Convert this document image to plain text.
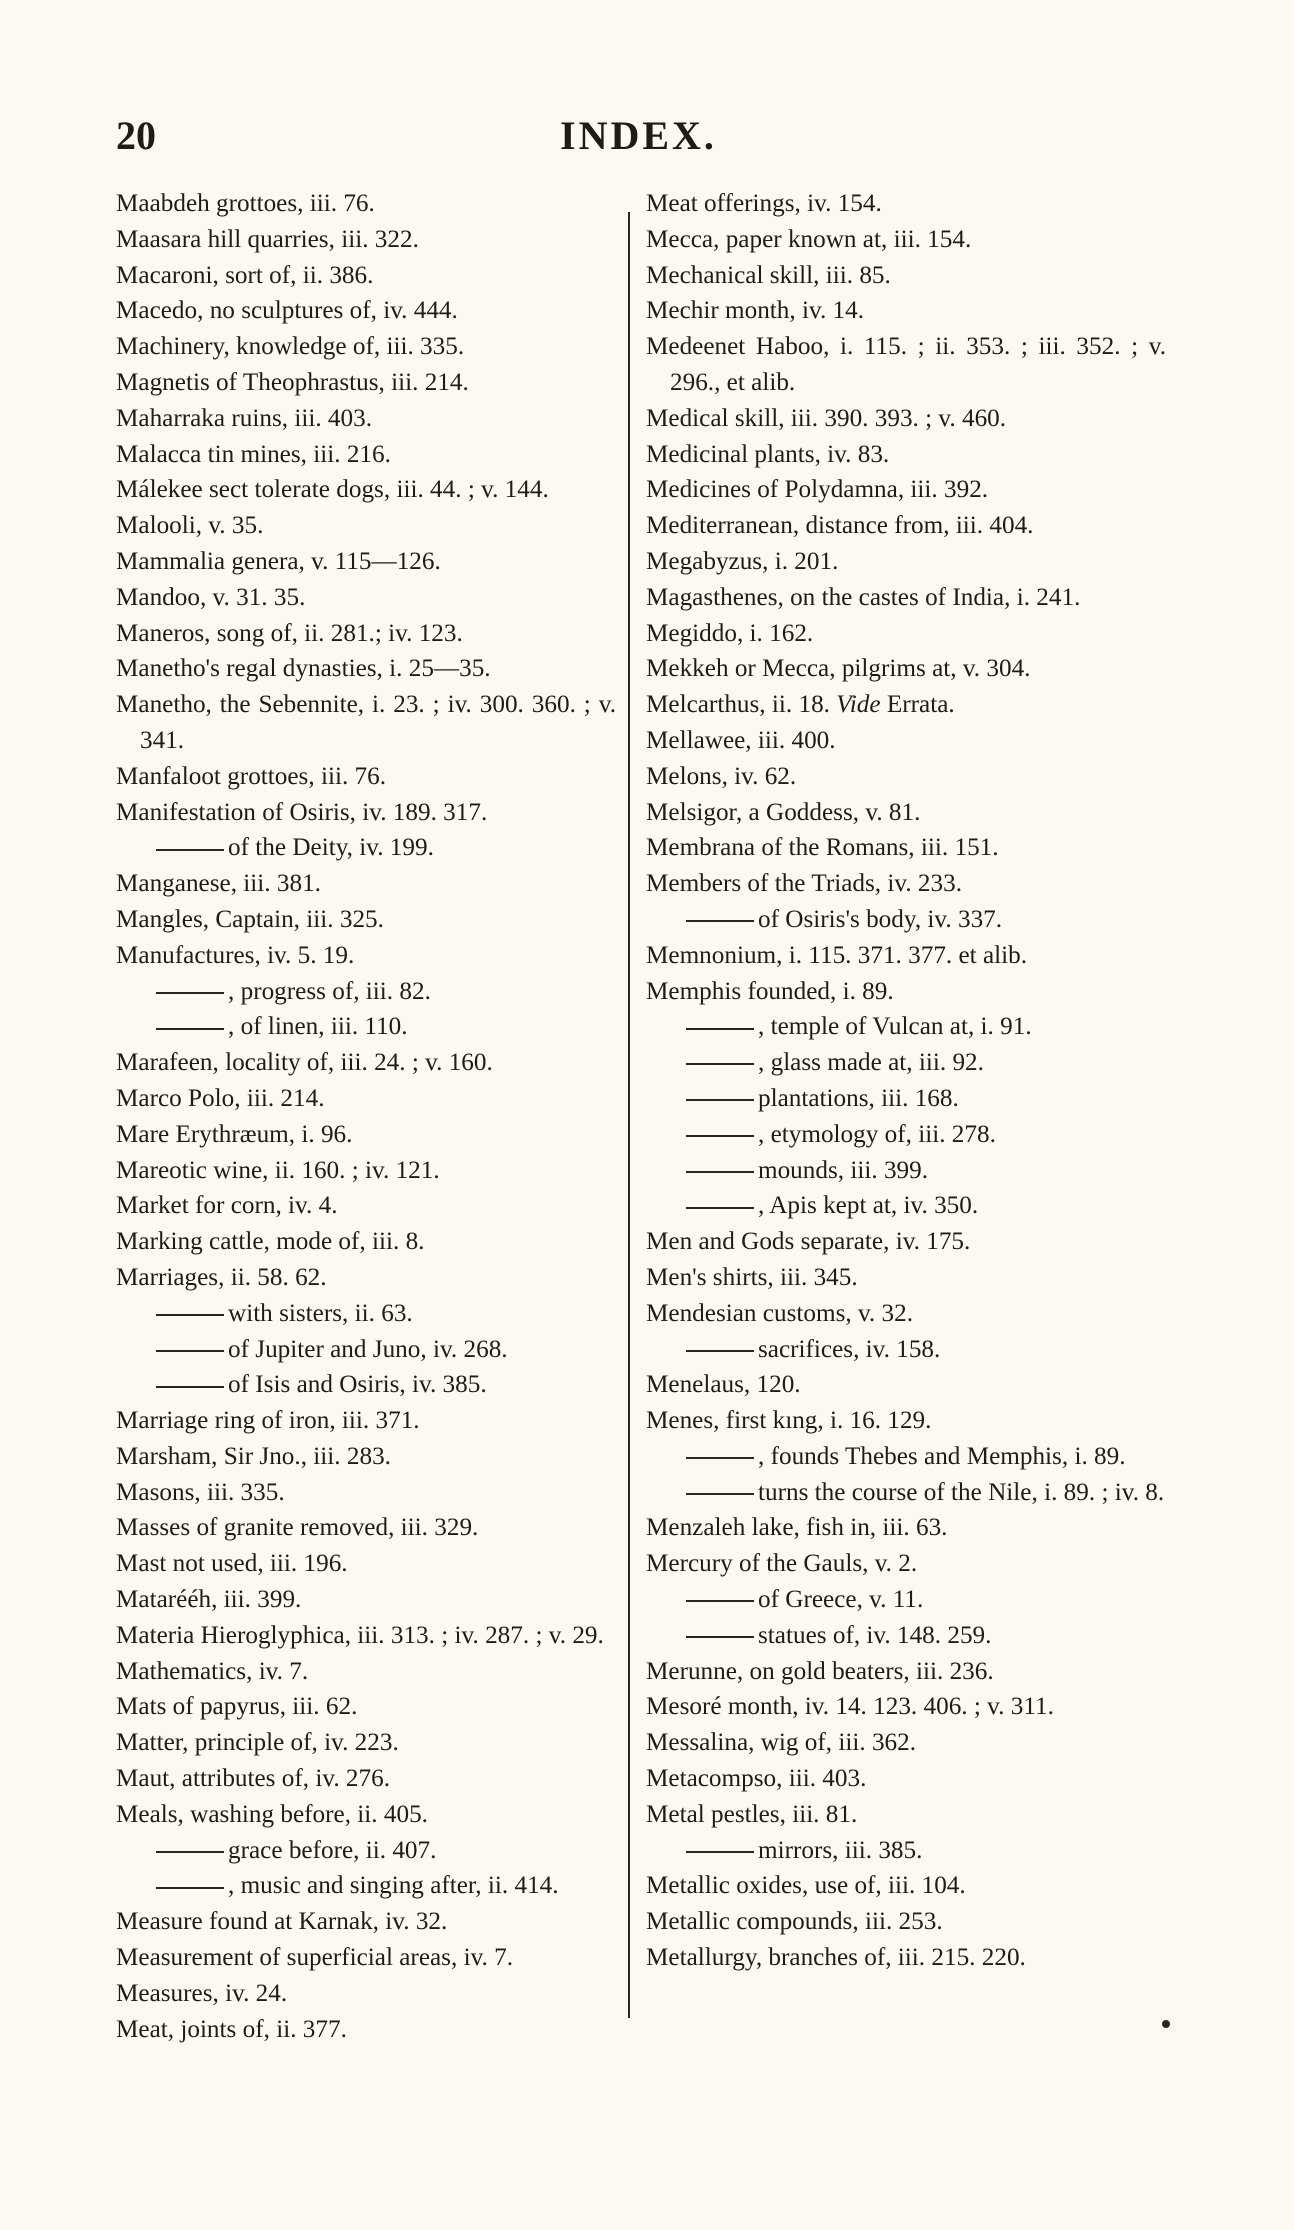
20	INDEX.
Maabdeh grottoes, iii. 76.
Maasara hill quarries, iii. 322.
Macaroni, sort of, ii. 386.
Macedo, no sculptures of, iv. 444.
Machinery, knowledge of, iii. 335.
Magnetis of Theophrastus, iii. 214.
Maharraka ruins, iii. 403.
Malacca tin mines, iii. 216.
Málekee sect tolerate dogs, iii. 44. ; v. 144.
Malooli, v. 35.
Mammalia genera, v. 115—126.
Mandoo, v. 31. 35.
Maneros, song of, ii. 281.; iv. 123.
Manetho's regal dynasties, i. 25—35.
Manetho, the Sebennite, i. 23. ; iv. 300. 360. ; v. 341.
Manfaloot grottoes, iii. 76.
Manifestation of Osiris, iv. 189. 317.
of the Deity, iv. 199.
Manganese, iii. 381.
Mangles, Captain, iii. 325.
Manufactures, iv. 5. 19.
, progress of, iii. 82.
, of linen, iii. 110.
Marafeen, locality of, iii. 24. ; v. 160.
Marco Polo, iii. 214.
Mare Erythræum, i. 96.
Mareotic wine, ii. 160. ; iv. 121.
Market for corn, iv. 4.
Marking cattle, mode of, iii. 8.
Marriages, ii. 58. 62.
with sisters, ii. 63.
of Jupiter and Juno, iv. 268.
of Isis and Osiris, iv. 385.
Marriage ring of iron, iii. 371.
Marsham, Sir Jno., iii. 283.
Masons, iii. 335.
Masses of granite removed, iii. 329.
Mast not used, iii. 196.
Matarééh, iii. 399.
Materia Hieroglyphica, iii. 313. ; iv. 287. ; v. 29.
Mathematics, iv. 7.
Mats of papyrus, iii. 62.
Matter, principle of, iv. 223.
Maut, attributes of, iv. 276.
Meals, washing before, ii. 405.
grace before, ii. 407.
, music and singing after, ii. 414.
Measure found at Karnak, iv. 32.
Measurement of superficial areas, iv. 7.
Measures, iv. 24.
Meat, joints of, ii. 377.
Meat offerings, iv. 154.
Mecca, paper known at, iii. 154.
Mechanical skill, iii. 85.
Mechir month, iv. 14.
Medeenet Haboo, i. 115. ; ii. 353. ; iii. 352. ; v. 296., et alib.
Medical skill, iii. 390. 393. ; v. 460.
Medicinal plants, iv. 83.
Medicines of Polydamna, iii. 392.
Mediterranean, distance from, iii. 404.
Megabyzus, i. 201.
Magasthenes, on the castes of India, i. 241.
Megiddo, i. 162.
Mekkeh or Mecca, pilgrims at, v. 304.
Melcarthus, ii. 18. Vide Errata.
Mellawee, iii. 400.
Melons, iv. 62.
Melsigor, a Goddess, v. 81.
Membrana of the Romans, iii. 151.
Members of the Triads, iv. 233.
of Osiris's body, iv. 337.
Memnonium, i. 115. 371. 377. et alib.
Memphis founded, i. 89.
, temple of Vulcan at, i. 91.
, glass made at, iii. 92.
plantations, iii. 168.
, etymology of, iii. 278.
mounds, iii. 399.
, Apis kept at, iv. 350.
Men and Gods separate, iv. 175.
Men's shirts, iii. 345.
Mendesian customs, v. 32.
sacrifices, iv. 158.
Menelaus, 120.
Menes, first kıng, i. 16. 129.
, founds Thebes and Memphis, i. 89.
turns the course of the Nile, i. 89. ; iv. 8.
Menzaleh lake, fish in, iii. 63.
Mercury of the Gauls, v. 2.
of Greece, v. 11.
statues of, iv. 148. 259.
Merunne, on gold beaters, iii. 236.
Mesoré month, iv. 14. 123. 406. ; v. 311.
Messalina, wig of, iii. 362.
Metacompso, iii. 403.
Metal pestles, iii. 81.
mirrors, iii. 385.
Metallic oxides, use of, iii. 104.
Metallic compounds, iii. 253.
Metallurgy, branches of, iii. 215. 220.
